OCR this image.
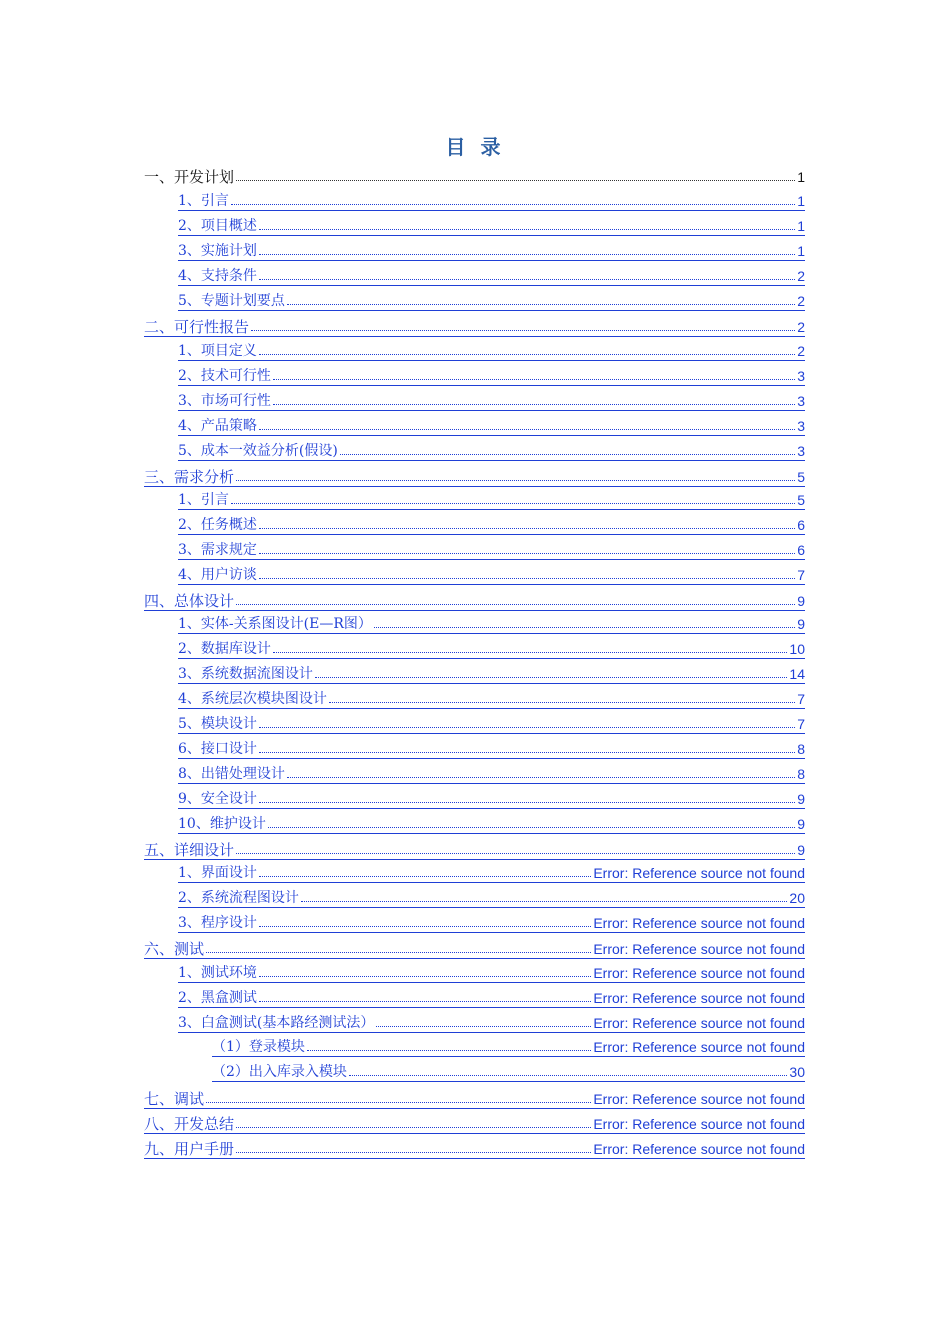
目 录
一、开发计划	1
1、引言	1
2、项目概述	1
3、实施计划	1
4、支持条件	2
5、专题计划要点	2
二、可行性报告	2
1、项目定义	2
2、技术可行性	3
3、市场可行性	3
4、产品策略	3
5、成本一效益分析(假设)	3
三、需求分析	5
1、引言	5
2、任务概述	6
3、需求规定	6
4、用户访谈	7
四、总体设计	9
1、实体-关系图设计(E—R图）	9
2、数据库设计	10
3、系统数据流图设计	14
4、系统层次模块图设计	7
5、模块设计	7
6、接口设计	8
8、出错处理设计	8
9、安全设计	9
10、维护设计	9
五、详细设计	9
1、界面设计	Error: Reference source not found
2、系统流程图设计	20
3、程序设计	Error: Reference source not found
六、测试	Error: Reference source not found
1、测试环境	Error: Reference source not found
2、黑盒测试	Error: Reference source not found
3、白盒测试(基本路经测试法）	Error: Reference source not found
（1）登录模块	Error: Reference source not found
（2）出入库录入模块	30
七、调试	Error: Reference source not found
八、开发总结	Error: Reference source not found
九、用户手册	Error: Reference source not found
